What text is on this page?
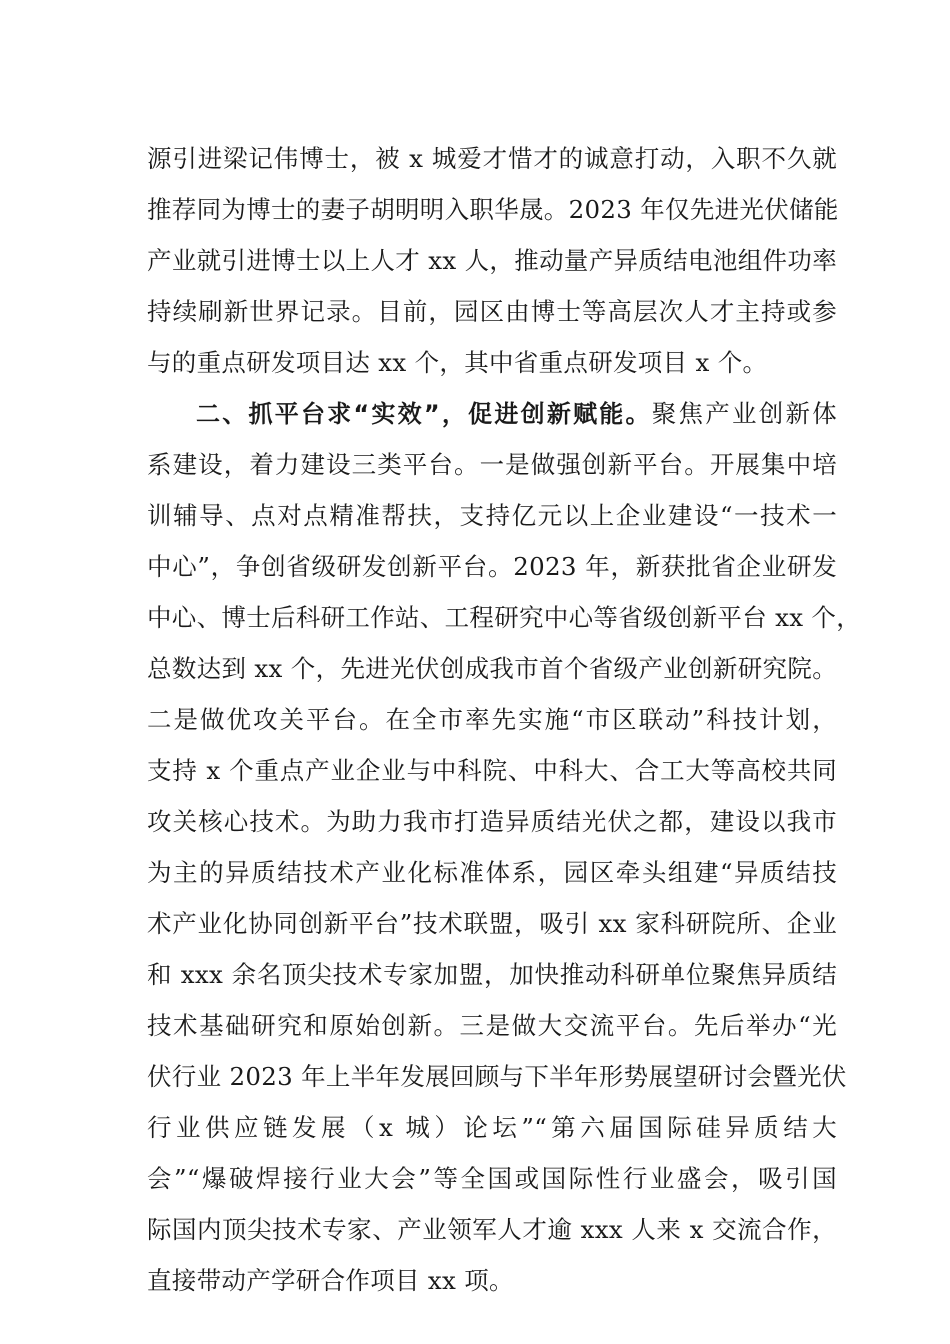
源引进梁记伟博士，被 x 城爱才惜才的诚意打动，入职不久就
推荐同为博士的妻子胡明明入职华晟。2023 年仅先进光伏储能
产业就引进博士以上人才 xx 人，推动量产异质结电池组件功率
持续刷新世界记录。目前，园区由博士等高层次人才主持或参
与的重点研发项目达 xx 个，其中省重点研发项目 x 个。
二、抓平台求“实效”，促进创新赋能。聚焦产业创新体
系建设，着力建设三类平台。一是做强创新平台。开展集中培
训辅导、点对点精准帮扶，支持亿元以上企业建设“一技术一
中心”，争创省级研发创新平台。2023 年，新获批省企业研发
中心、博士后科研工作站、工程研究中心等省级创新平台 xx 个，
总数达到 xx 个，先进光伏创成我市首个省级产业创新研究院。
二是做优攻关平台。在全市率先实施“市区联动”科技计划，
支持 x 个重点产业企业与中科院、中科大、合工大等高校共同
攻关核心技术。为助力我市打造异质结光伏之都，建设以我市
为主的异质结技术产业化标准体系，园区牵头组建“异质结技
术产业化协同创新平台”技术联盟，吸引 xx 家科研院所、企业
和 xxx 余名顶尖技术专家加盟，加快推动科研单位聚焦异质结
技术基础研究和原始创新。三是做大交流平台。先后举办“光
伏行业 2023 年上半年发展回顾与下半年形势展望研讨会暨光伏
行业供应链发展（x 城）论坛”“第六届国际硅异质结大
会”“爆破焊接行业大会”等全国或国际性行业盛会，吸引国
际国内顶尖技术专家、产业领军人才逾 xxx 人来 x 交流合作，
直接带动产学研合作项目 xx 项。
